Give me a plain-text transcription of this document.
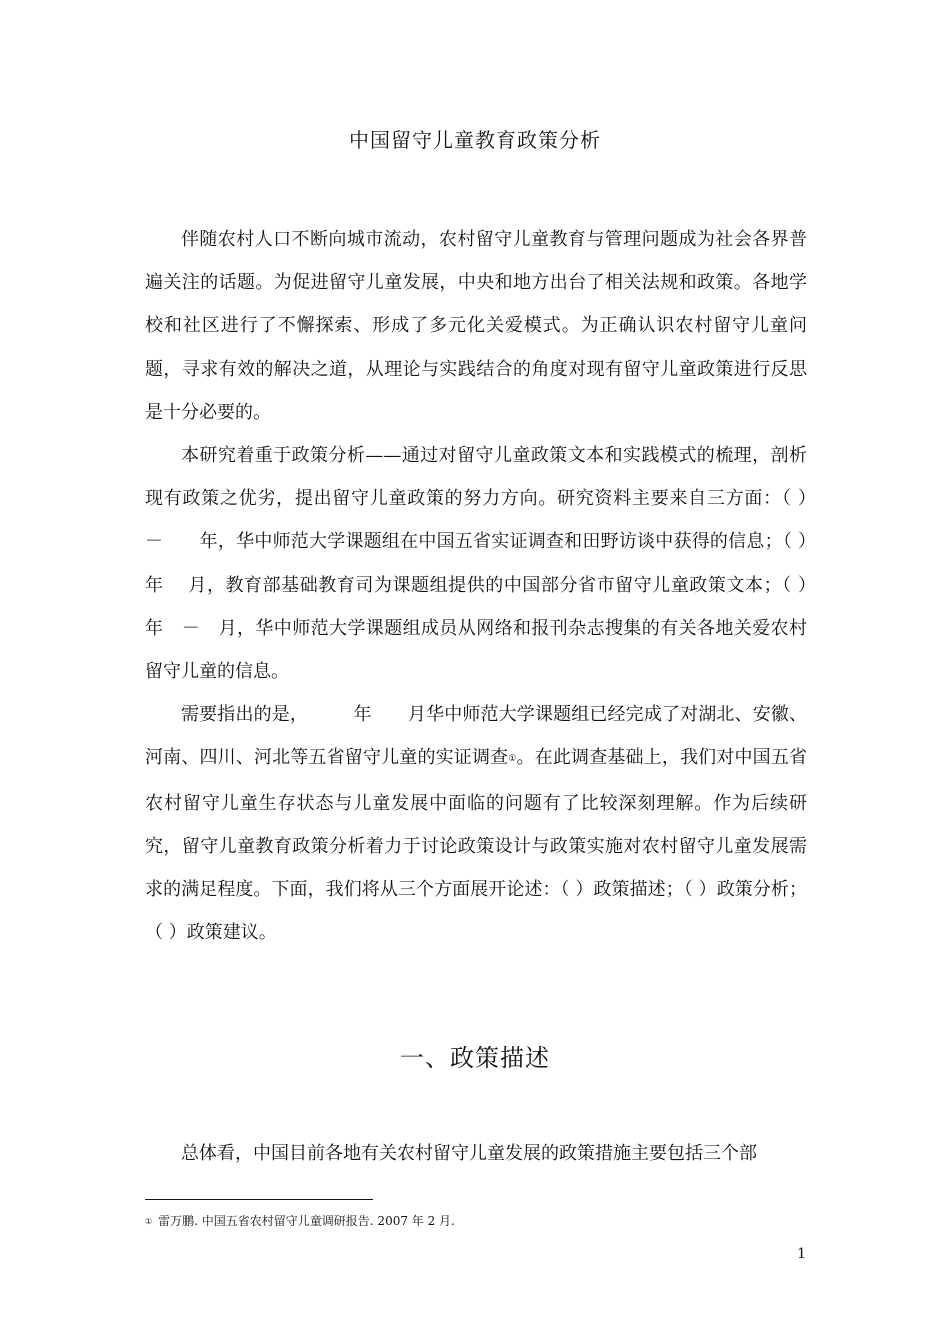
中国留守儿童教育政策分析

伴随农村人口不断向城市流动，农村留守儿童教育与管理问题成为社会各界普遍关注的话题。为促进留守儿童发展，中央和地方出台了相关法规和政策。各地学校和社区进行了不懈探索、形成了多元化关爱模式。为正确认识农村留守儿童问题，寻求有效的解决之道，从理论与实践结合的角度对现有留守儿童政策进行反思是十分必要的。

本研究着重于政策分析——通过对留守儿童政策文本和实践模式的梳理，剖析现有政策之优劣，提出留守儿童政策的努力方向。研究资料主要来自三方面：（ ）　　－　　年，华中师范大学课题组在中国五省实证调查和田野访谈中获得的信息；（ ）　　　年　 月，教育部基础教育司为课题组提供的中国部分省市留守儿童政策文本；（ ）　　　年　－　月，华中师范大学课题组成员从网络和报刊杂志搜集的有关各地关爱农村留守儿童的信息。

需要指出的是，　　　年　　月华中师范大学课题组已经完成了对湖北、安徽、河南、四川、河北等五省留守儿童的实证调查①。在此调查基础上，我们对中国五省农村留守儿童生存状态与儿童发展中面临的问题有了比较深刻理解。作为后续研究，留守儿童教育政策分析着力于讨论政策设计与政策实施对农村留守儿童发展需求的满足程度。下面，我们将从三个方面展开论述：（ ）政策描述；（ ）政策分析；（ ）政策建议。

一、政策描述

总体看，中国目前各地有关农村留守儿童发展的政策措施主要包括三个部

① 雷万鹏. 中国五省农村留守儿童调研报告. 2007 年 2 月.
1
